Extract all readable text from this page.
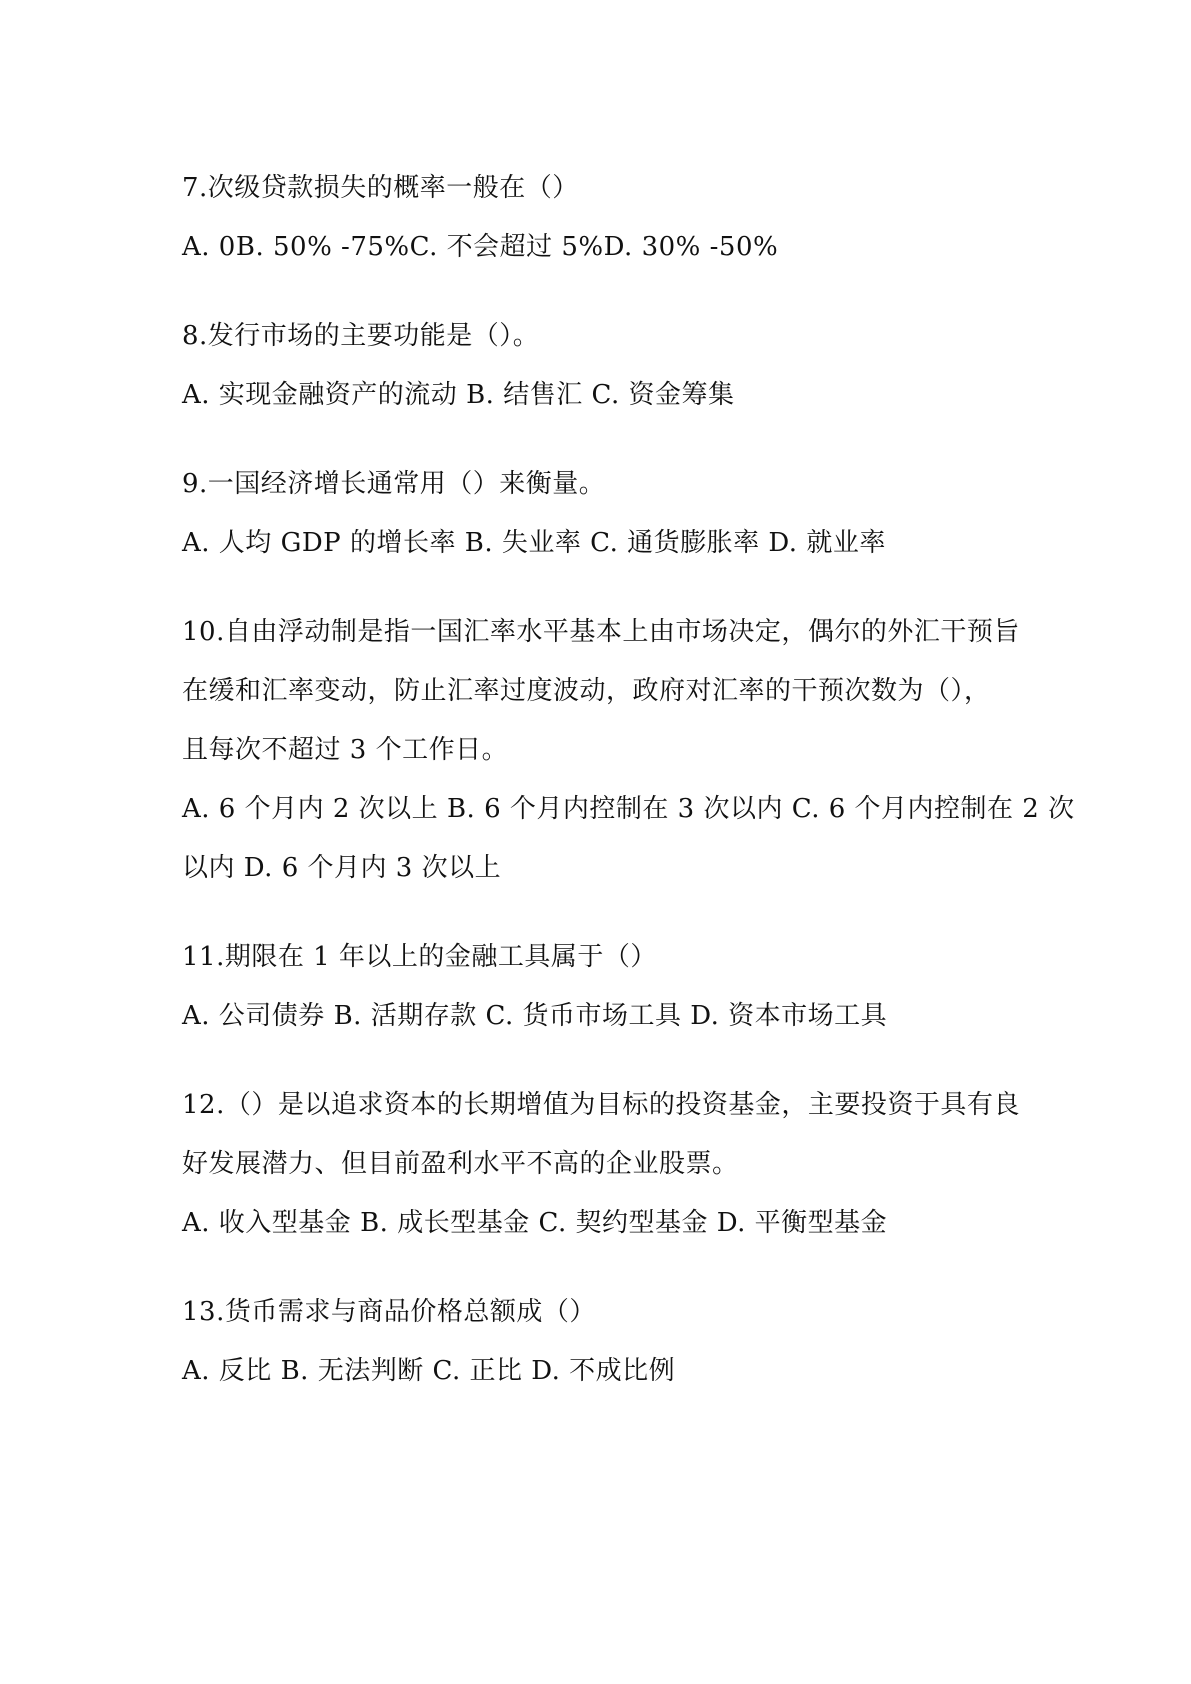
7.次级贷款损失的概率一般在（）
A. 0B. 50% -75%C. 不会超过 5%D. 30% -50%
8.发行市场的主要功能是（）。
A. 实现金融资产的流动 B. 结售汇 C. 资金筹集
9.一国经济增长通常用（）来衡量。
A. 人均 GDP 的增长率 B. 失业率 C. 通货膨胀率 D. 就业率
10.自由浮动制是指一国汇率水平基本上由市场决定，偶尔的外汇干预旨
在缓和汇率变动，防止汇率过度波动，政府对汇率的干预次数为（），
且每次不超过 3 个工作日。
A. 6 个月内 2 次以上 B. 6 个月内控制在 3 次以内 C. 6 个月内控制在 2 次
以内 D. 6 个月内 3 次以上
11.期限在 1 年以上的金融工具属于（）
A. 公司债券 B. 活期存款 C. 货币市场工具 D. 资本市场工具
12.（）是以追求资本的长期增值为目标的投资基金，主要投资于具有良
好发展潜力、但目前盈利水平不高的企业股票。
A. 收入型基金 B. 成长型基金 C. 契约型基金 D. 平衡型基金
13.货币需求与商品价格总额成（）
A. 反比 B. 无法判断 C. 正比 D. 不成比例
